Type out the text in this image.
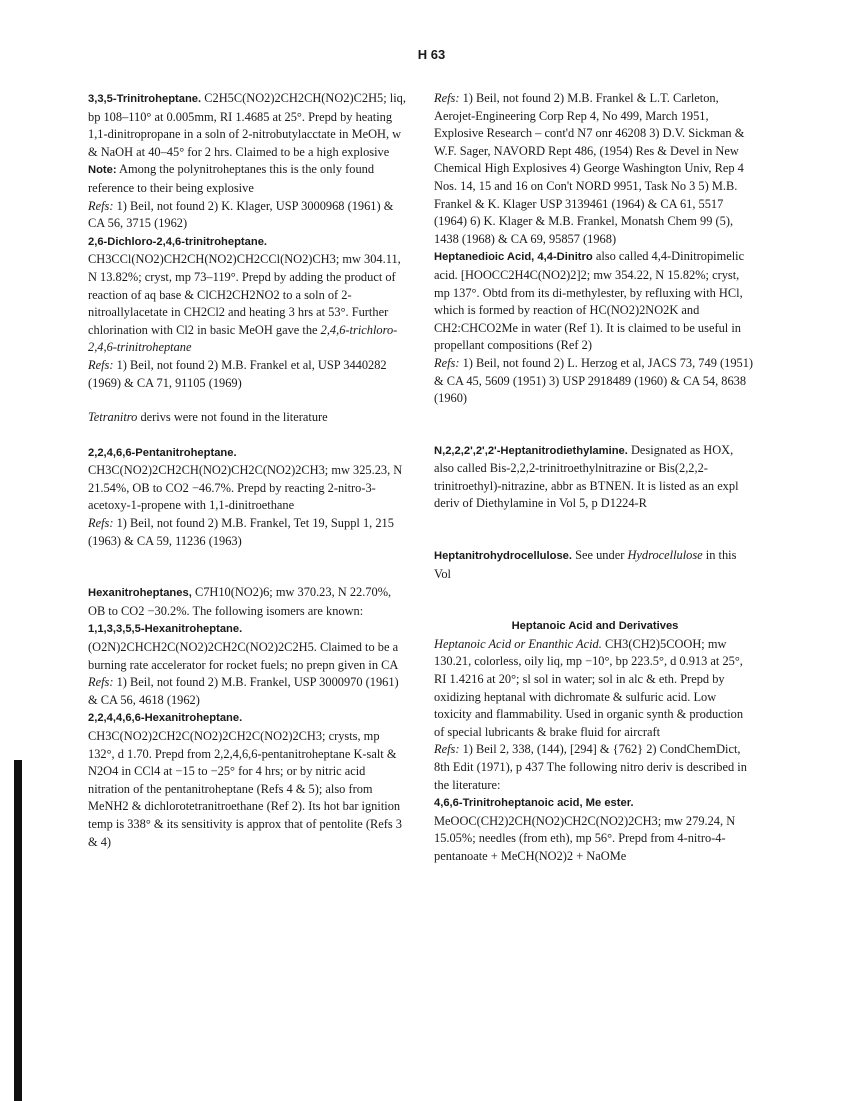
H 63

3,3,5-Trinitroheptane. C2H5C(NO2)2CH2CH(NO2)C2H5; liq, bp 108–110° at 0.005mm, RI 1.4685 at 25°. Prepd by heating 1,1-dinitropropane in a soln of 2-nitrobutylacctate in MeOH, w & NaOH at 40–45° for 2 hrs. Claimed to be a high explosive

Note: Among the polynitroheptanes this is the only found reference to their being explosive

Refs: 1) Beil, not found 2) K. Klager, USP 3000968 (1961) & CA 56, 3715 (1962)

2,6-Dichloro-2,4,6-trinitroheptane. CH3CCl(NO2)CH2CH(NO2)CH2CCl(NO2)CH3; mw 304.11, N 13.82%; cryst, mp 73–119°. Prepd by adding the product of reaction of aq base & ClCH2CH2NO2 to a soln of 2-nitroallylacetate in CH2Cl2 and heating 3 hrs at 53°. Further chlorination with Cl2 in basic MeOH gave the 2,4,6-trichloro-2,4,6-trinitroheptane

Refs: 1) Beil, not found 2) M.B. Frankel et al, USP 3440282 (1969) & CA 71, 91105 (1969)

Tetranitro derivs were not found in the literature

2,2,4,6,6-Pentanitroheptane. CH3C(NO2)2CH2CH(NO2)CH2C(NO2)2CH3; mw 325.23, N 21.54%, OB to CO2 −46.7%. Prepd by reacting 2-nitro-3-acetoxy-1-propene with 1,1-dinitroethane

Refs: 1) Beil, not found 2) M.B. Frankel, Tet 19, Suppl 1, 215 (1963) & CA 59, 11236 (1963)

Hexanitroheptanes, C7H10(NO2)6; mw 370.23, N 22.70%, OB to CO2 −30.2%. The following isomers are known:

1,1,3,3,5,5-Hexanitroheptane. (O2N)2CHCH2C(NO2)2CH2C(NO2)2C2H5. Claimed to be a burning rate accelerator for rocket fuels; no prepn given in CA

Refs: 1) Beil, not found 2) M.B. Frankel, USP 3000970 (1961) & CA 56, 4618 (1962)

2,2,4,4,6,6-Hexanitroheptane. CH3C(NO2)2CH2C(NO2)2CH2C(NO2)2CH3; crysts, mp 132°, d 1.70. Prepd from 2,2,4,6,6-pentanitroheptane K-salt & N2O4 in CCl4 at −15 to −25° for 4 hrs; or by nitric acid nitration of the pentanitroheptane (Refs 4 & 5); also from MeNH2 & dichlorotetranitroethane (Ref 2). Its hot bar ignition temp is 338° & its sensitivity is approx that of pentolite (Refs 3 & 4)

Refs: 1) Beil, not found 2) M.B. Frankel & L.T. Carleton, Aerojet-Engineering Corp Rep 4, No 499, March 1951, Explosive Research – cont'd N7 onr 46208 3) D.V. Sickman & W.F. Sager, NAVORD Rept 486, (1954) Res & Devel in New Chemical High Explosives 4) George Washington Univ, Rep 4 Nos. 14, 15 and 16 on Con't NORD 9951, Task No 3 5) M.B. Frankel & K. Klager USP 3139461 (1964) & CA 61, 5517 (1964) 6) K. Klager & M.B. Frankel, Monatsh Chem 99 (5), 1438 (1968) & CA 69, 95857 (1968)

Heptanedioic Acid, 4,4-Dinitro also called 4,4-Dinitropimelic acid. [HOOCC2H4C(NO2)2]2; mw 354.22, N 15.82%; cryst, mp 137°. Obtd from its di-methylester, by refluxing with HCl, which is formed by reaction of HC(NO2)2NO2K and CH2:CHCO2Me in water (Ref 1). It is claimed to be useful in propellant compositions (Ref 2)

Refs: 1) Beil, not found 2) L. Herzog et al, JACS 73, 749 (1951) & CA 45, 5609 (1951) 3) USP 2918489 (1960) & CA 54, 8638 (1960)

N,2,2,2',2',2'-Heptanitrodiethylamine. Designated as HOX, also called Bis-2,2,2-trinitroethylnitrazine or Bis(2,2,2-trinitroethyl)-nitrazine, abbr as BTNEN. It is listed as an expl deriv of Diethylamine in Vol 5, p D1224-R

Heptanitrohydrocellulose. See under Hydrocellulose in this Vol

Heptanoic Acid and Derivatives

Heptanoic Acid or Enanthic Acid. CH3(CH2)5COOH; mw 130.21, colorless, oily liq, mp −10°, bp 223.5°, d 0.913 at 25°, RI 1.4216 at 20°; sl sol in water; sol in alc & eth. Prepd by oxidizing heptanal with dichromate & sulfuric acid. Low toxicity and flammability. Used in organic synth & production of special lubricants & brake fluid for aircraft

Refs: 1) Beil 2, 338, (144), [294] & {762} 2) CondChemDict, 8th Edit (1971), p 437 The following nitro deriv is described in the literature:

4,6,6-Trinitroheptanoic acid, Me ester. MeOOC(CH2)2CH(NO2)CH2C(NO2)2CH3; mw 279.24, N 15.05%; needles (from eth), mp 56°. Prepd from 4-nitro-4-pentanoate + MeCH(NO2)2 + NaOMe
